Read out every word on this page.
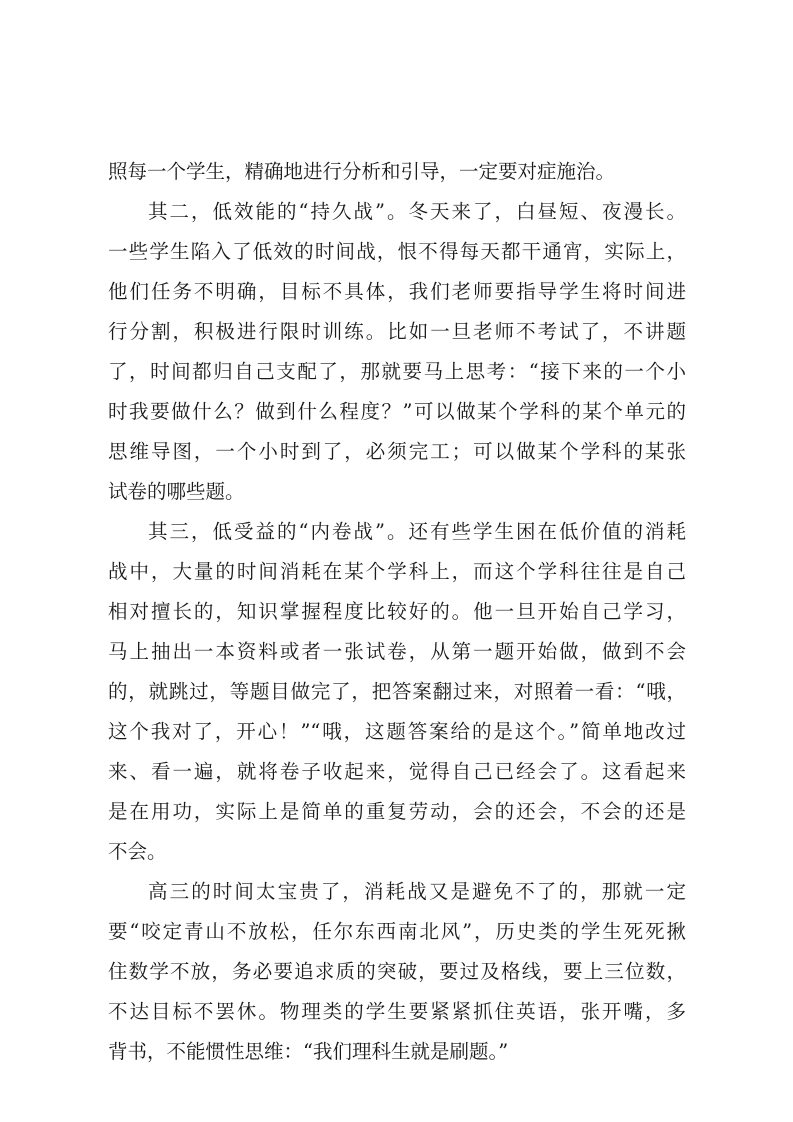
照每一个学生，精确地进行分析和引导，一定要对症施治。
其二，低效能的“持久战”。冬天来了，白昼短、夜漫长。
一些学生陷入了低效的时间战，恨不得每天都干通宵，实际上，
他们任务不明确，目标不具体，我们老师要指导学生将时间进
行分割，积极进行限时训练。比如一旦老师不考试了，不讲题
了，时间都归自己支配了，那就要马上思考：“接下来的一个小
时我要做什么？做到什么程度？”可以做某个学科的某个单元的
思维导图，一个小时到了，必须完工；可以做某个学科的某张
试卷的哪些题。
其三，低受益的“内卷战”。还有些学生困在低价值的消耗
战中，大量的时间消耗在某个学科上，而这个学科往往是自己
相对擅长的，知识掌握程度比较好的。他一旦开始自己学习，
马上抽出一本资料或者一张试卷，从第一题开始做，做到不会
的，就跳过，等题目做完了，把答案翻过来，对照着一看：“哦，
这个我对了，开心！”“哦，这题答案给的是这个。”简单地改过
来、看一遍，就将卷子收起来，觉得自己已经会了。这看起来
是在用功，实际上是简单的重复劳动，会的还会，不会的还是
不会。
高三的时间太宝贵了，消耗战又是避免不了的，那就一定
要“咬定青山不放松，任尔东西南北风”，历史类的学生死死揪
住数学不放，务必要追求质的突破，要过及格线，要上三位数，
不达目标不罢休。物理类的学生要紧紧抓住英语，张开嘴，多
背书，不能惯性思维：“我们理科生就是刷题。”
